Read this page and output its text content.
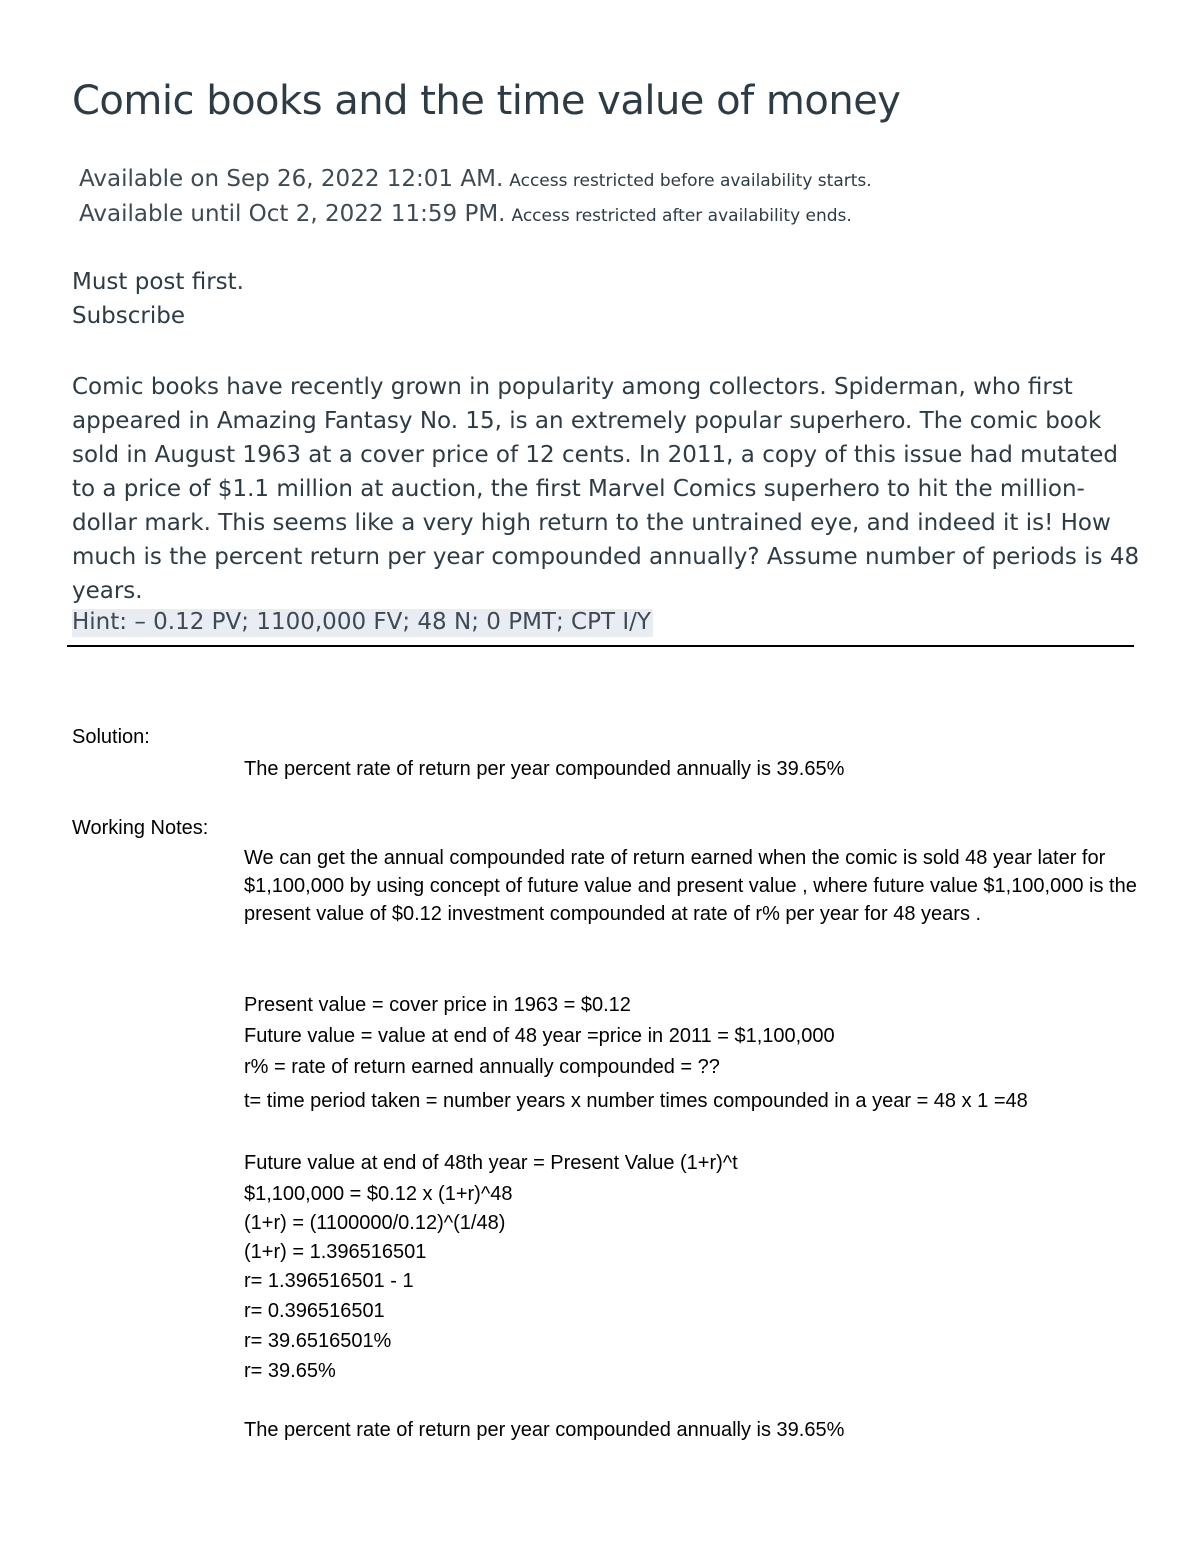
Comic books and the time value of money
Available on Sep 26, 2022 12:01 AM. Access restricted before availability starts.
Available until Oct 2, 2022 11:59 PM. Access restricted after availability ends.
Must post first.
Subscribe

Comic books have recently grown in popularity among collectors. Spiderman, who first appeared in Amazing Fantasy No. 15, is an extremely popular superhero. The comic book sold in August 1963 at a cover price of 12 cents. In 2011, a copy of this issue had mutated to a price of $1.1 million at auction, the first Marvel Comics superhero to hit the million-dollar mark. This seems like a very high return to the untrained eye, and indeed it is! How much is the percent return per year compounded annually? Assume number of periods is 48 years.

Hint: – 0.12 PV; 1100,000 FV; 48 N; 0 PMT; CPT I/Y
Solution:
The percent rate of return per year compounded annually is 39.65%
Working Notes:

We can get the annual compounded rate of return earned when the comic is sold 48 year later for $1,100,000 by using concept of future value and present value , where future value $1,100,000 is the present value of $0.12 investment compounded at rate of r% per year for 48 years .

Present value = cover price in 1963 = $0.12
Future value = value at end of 48 year =price in 2011 = $1,100,000
r% = rate of return earned annually compounded = ??
t= time period taken = number years x number times compounded in a year = 48 x 1 =48
Future value at end of 48th year = Present Value (1+r)^t
$1,100,000 = $0.12 x (1+r)^48
(1+r) = (1100000/0.12)^(1/48)
(1+r) = 1.396516501
r= 1.396516501 - 1
r= 0.396516501
r= 39.6516501%
r= 39.65%
The percent rate of return per year compounded annually is 39.65%
